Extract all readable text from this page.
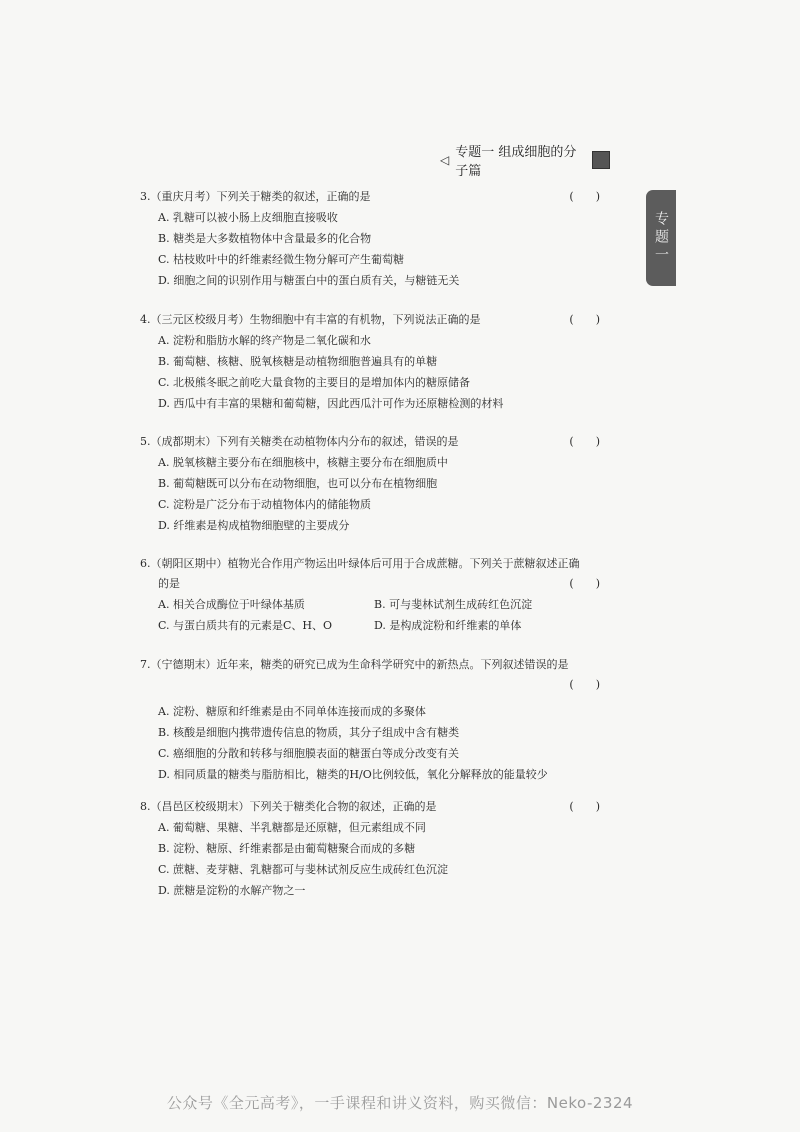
◁ 专题一 组成细胞的分子篇
专题一
3.（重庆月考）下列关于糖类的叙述，正确的是	(　　)
A. 乳糖可以被小肠上皮细胞直接吸收
B. 糖类是大多数植物体中含量最多的化合物
C. 枯枝败叶中的纤维素经微生物分解可产生葡萄糖
D. 细胞之间的识别作用与糖蛋白中的蛋白质有关，与糖链无关
4.（三元区校级月考）生物细胞中有丰富的有机物，下列说法正确的是	(　　)
A. 淀粉和脂肪水解的终产物是二氧化碳和水
B. 葡萄糖、核糖、脱氧核糖是动植物细胞普遍具有的单糖
C. 北极熊冬眠之前吃大量食物的主要目的是增加体内的糖原储备
D. 西瓜中有丰富的果糖和葡萄糖，因此西瓜汁可作为还原糖检测的材料
5.（成都期末）下列有关糖类在动植物体内分布的叙述，错误的是	(　　)
A. 脱氧核糖主要分布在细胞核中，核糖主要分布在细胞质中
B. 葡萄糖既可以分布在动物细胞，也可以分布在植物细胞
C. 淀粉是广泛分布于动植物体内的储能物质
D. 纤维素是构成植物细胞壁的主要成分
6.（朝阳区期中）植物光合作用产物运出叶绿体后可用于合成蔗糖。下列关于蔗糖叙述正确
的是	(　　)
A. 相关合成酶位于叶绿体基质	B. 可与斐林试剂生成砖红色沉淀
C. 与蛋白质共有的元素是C、H、O	D. 是构成淀粉和纤维素的单体
7.（宁德期末）近年来，糖类的研究已成为生命科学研究中的新热点。下列叙述错误的是
(　　)
A. 淀粉、糖原和纤维素是由不同单体连接而成的多聚体
B. 核酸是细胞内携带遗传信息的物质，其分子组成中含有糖类
C. 癌细胞的分散和转移与细胞膜表面的糖蛋白等成分改变有关
D. 相同质量的糖类与脂肪相比，糖类的H/O比例较低，氧化分解释放的能量较少
8.（昌邑区校级期末）下列关于糖类化合物的叙述，正确的是	(　　)
A. 葡萄糖、果糖、半乳糖都是还原糖，但元素组成不同
B. 淀粉、糖原、纤维素都是由葡萄糖聚合而成的多糖
C. 蔗糖、麦芽糖、乳糖都可与斐林试剂反应生成砖红色沉淀
D. 蔗糖是淀粉的水解产物之一
公众号《全元高考》，一手课程和讲义资料，购买微信：Neko-2324
